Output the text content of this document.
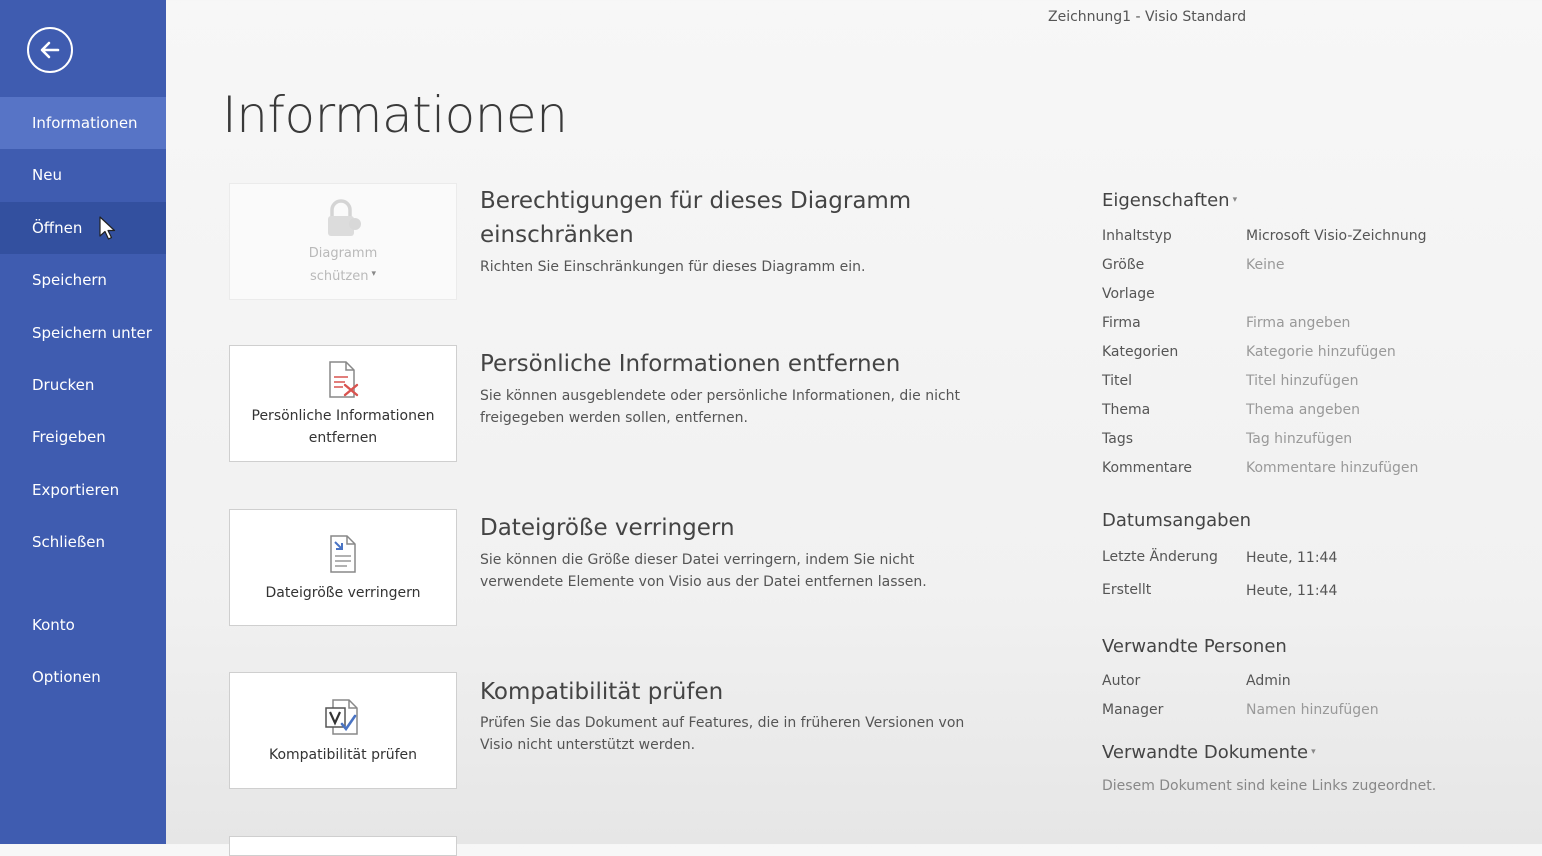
Informationen
Neu
Öffnen
Speichern
Speichern unter
Drucken
Freigeben
Exportieren
Schließen
Konto
Optionen
Zeichnung1 - Visio Standard
Informationen
Diagramm
schützen ▾
Berechtigungen für dieses Diagramm einschränken
Richten Sie Einschränkungen für dieses Diagramm ein.
Persönliche Informationen entfernen
Persönliche Informationen entfernen
Sie können ausgeblendete oder persönliche Informationen, die nicht freigegeben werden sollen, entfernen.
Dateigröße verringern
Dateigröße verringern
Sie können die Größe dieser Datei verringern, indem Sie nicht verwendete Elemente von Visio aus der Datei entfernen lassen.
Kompatibilität prüfen
Kompatibilität prüfen
Prüfen Sie das Dokument auf Features, die in früheren Versionen von Visio nicht unterstützt werden.
Eigenschaften ▾
Inhaltstyp	Microsoft Visio-Zeichnung
Größe	Keine
Vorlage
Firma	Firma angeben
Kategorien	Kategorie hinzufügen
Titel	Titel hinzufügen
Thema	Thema angeben
Tags	Tag hinzufügen
Kommentare	Kommentare hinzufügen
Datumsangaben
Letzte Änderung Heute, 11:44
Erstellt	Heute, 11:44
Verwandte Personen
Autor	Admin
Manager	Namen hinzufügen
Verwandte Dokumente ▾
Diesem Dokument sind keine Links zugeordnet.
